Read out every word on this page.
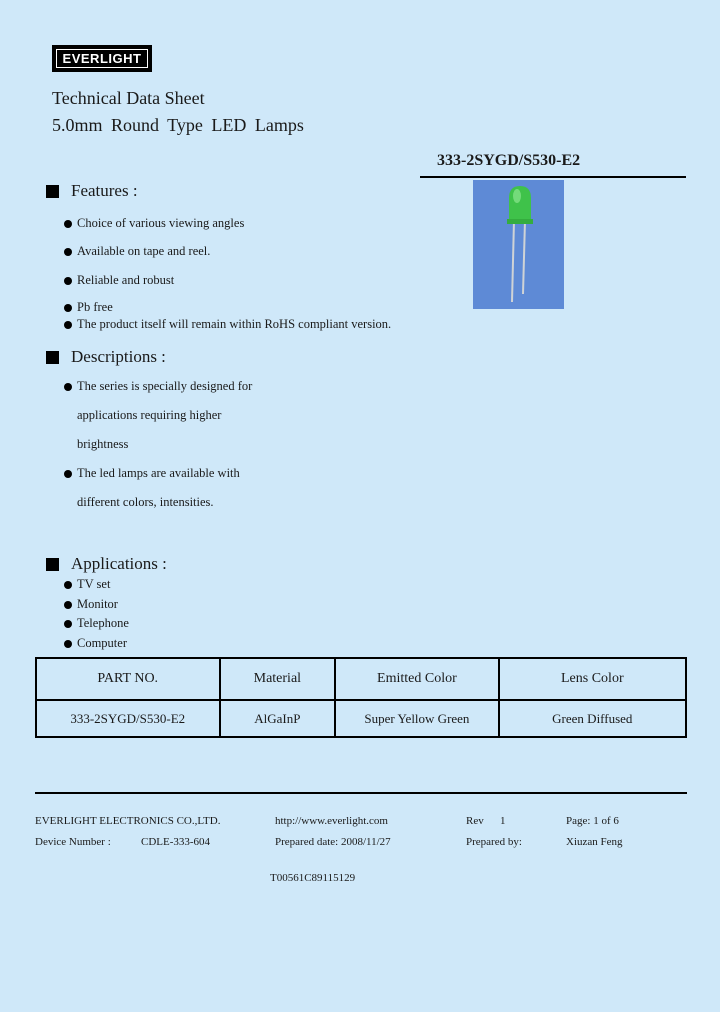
EVERLIGHT
Technical Data Sheet
5.0mm Round Type LED Lamps
333-2SYGD/S530-E2
Features :
Choice of various viewing angles
Available on tape and reel.
Reliable and robust
Pb free
The product itself will remain within RoHS compliant version.
Descriptions :
The series is specially designed for
applications requiring higher
brightness
The led lamps are available with
different colors, intensities.
Applications :
TV set
Monitor
Telephone
Computer
PART NO.	Material	Emitted Color	Lens Color
333-2SYGD/S530-E2	AlGaInP	Super Yellow Green	Green Diffused
EVERLIGHT ELECTRONICS CO.,LTD.	http://www.everlight.com	Rev 1	Page: 1 of 6
Device Number :	CDLE-333-604	Prepared date: 2008/11/27	Prepared by:	Xiuzan Feng
T00561C89115129
